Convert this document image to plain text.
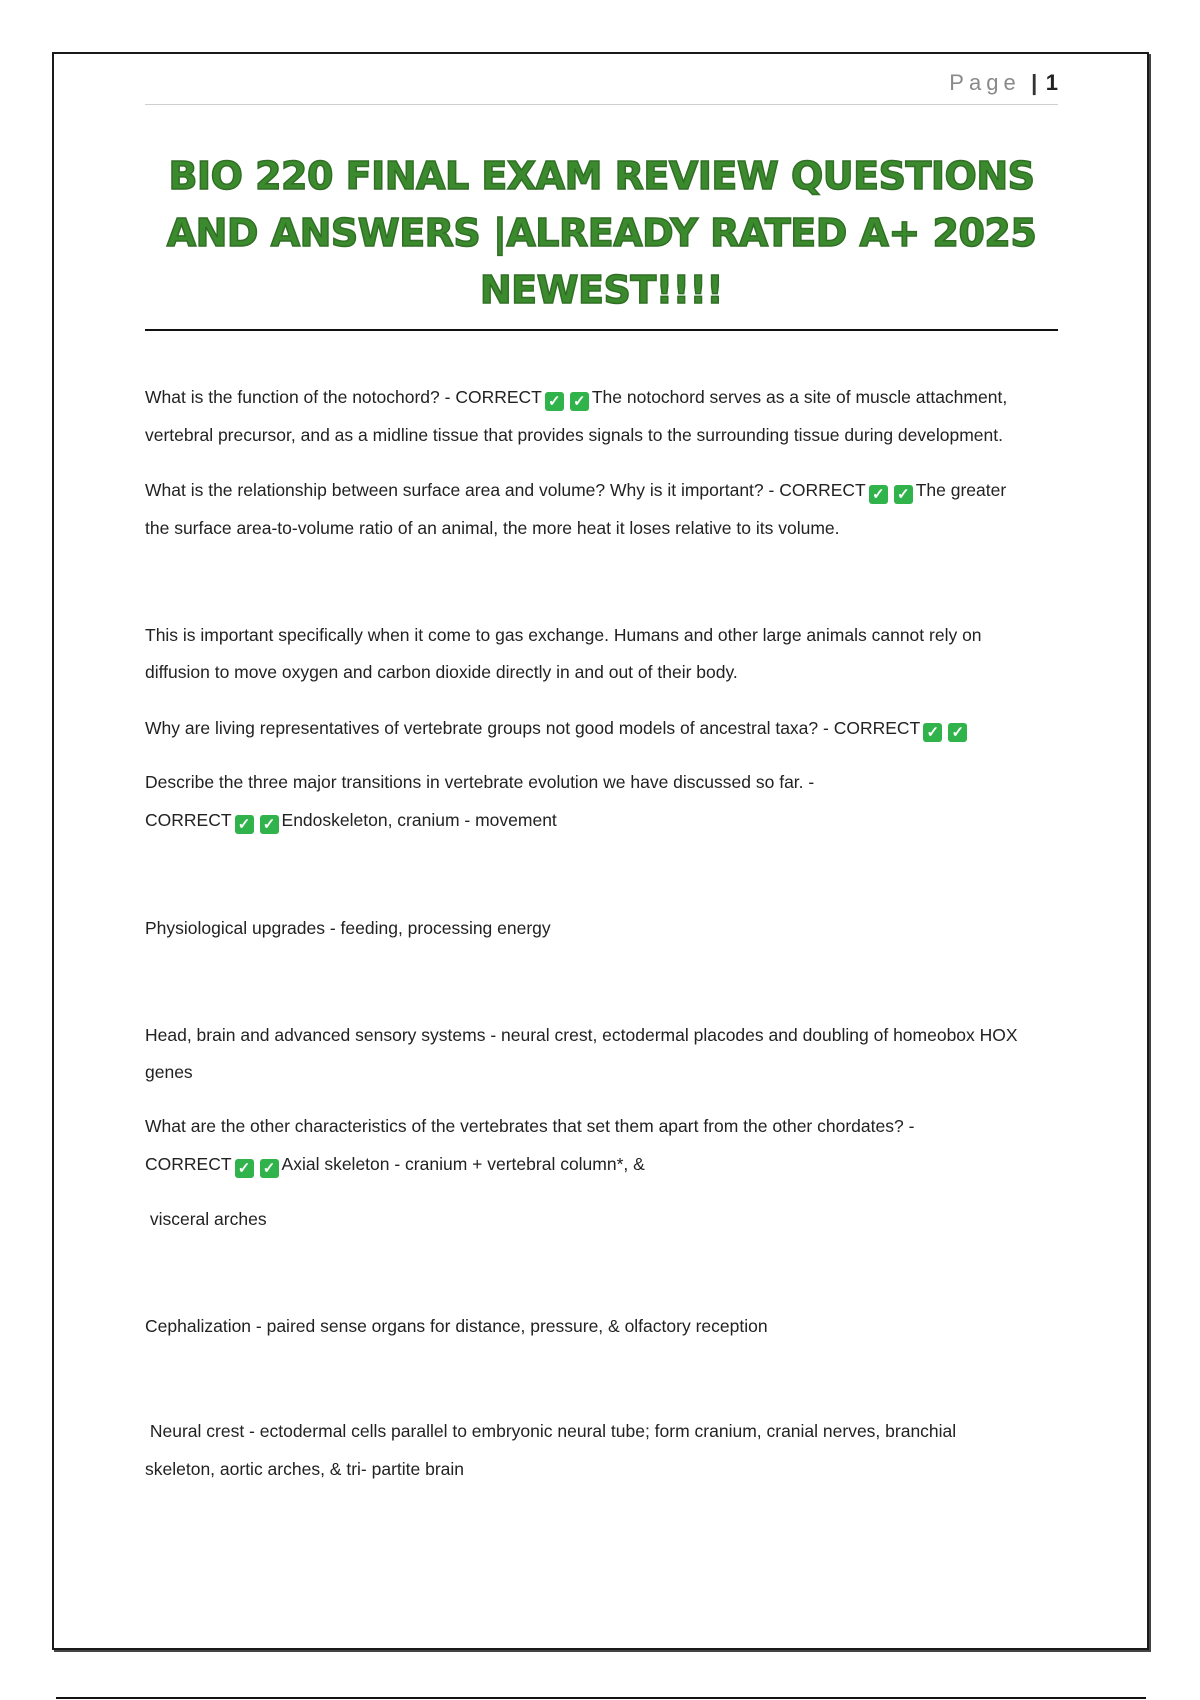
Page | 1
BIO 220 FINAL EXAM REVIEW QUESTIONS
AND ANSWERS |ALREADY RATED A+ 2025
NEWEST!!!!
What is the function of the notochord? - CORRECT ✓ ✓ The notochord serves as a site of muscle attachment,
vertebral precursor, and as a midline tissue that provides signals to the surrounding tissue during development.
What is the relationship between surface area and volume? Why is it important? - CORRECT ✓ ✓ The greater
the surface area-to-volume ratio of an animal, the more heat it loses relative to its volume.
This is important specifically when it come to gas exchange. Humans and other large animals cannot rely on
diffusion to move oxygen and carbon dioxide directly in and out of their body.
Why are living representatives of vertebrate groups not good models of ancestral taxa? - CORRECT ✓ ✓
Describe the three major transitions in vertebrate evolution we have discussed so far. -
CORRECT ✓ ✓ Endoskeleton, cranium - movement
Physiological upgrades - feeding, processing energy
Head, brain and advanced sensory systems - neural crest, ectodermal placodes and doubling of homeobox HOX
genes
What are the other characteristics of the vertebrates that set them apart from the other chordates? -
CORRECT ✓ ✓ Axial skeleton - cranium + vertebral column*, &
visceral arches
Cephalization - paired sense organs for distance, pressure, & olfactory reception
Neural crest - ectodermal cells parallel to embryonic neural tube; form cranium, cranial nerves, branchial
skeleton, aortic arches, & tri- partite brain
